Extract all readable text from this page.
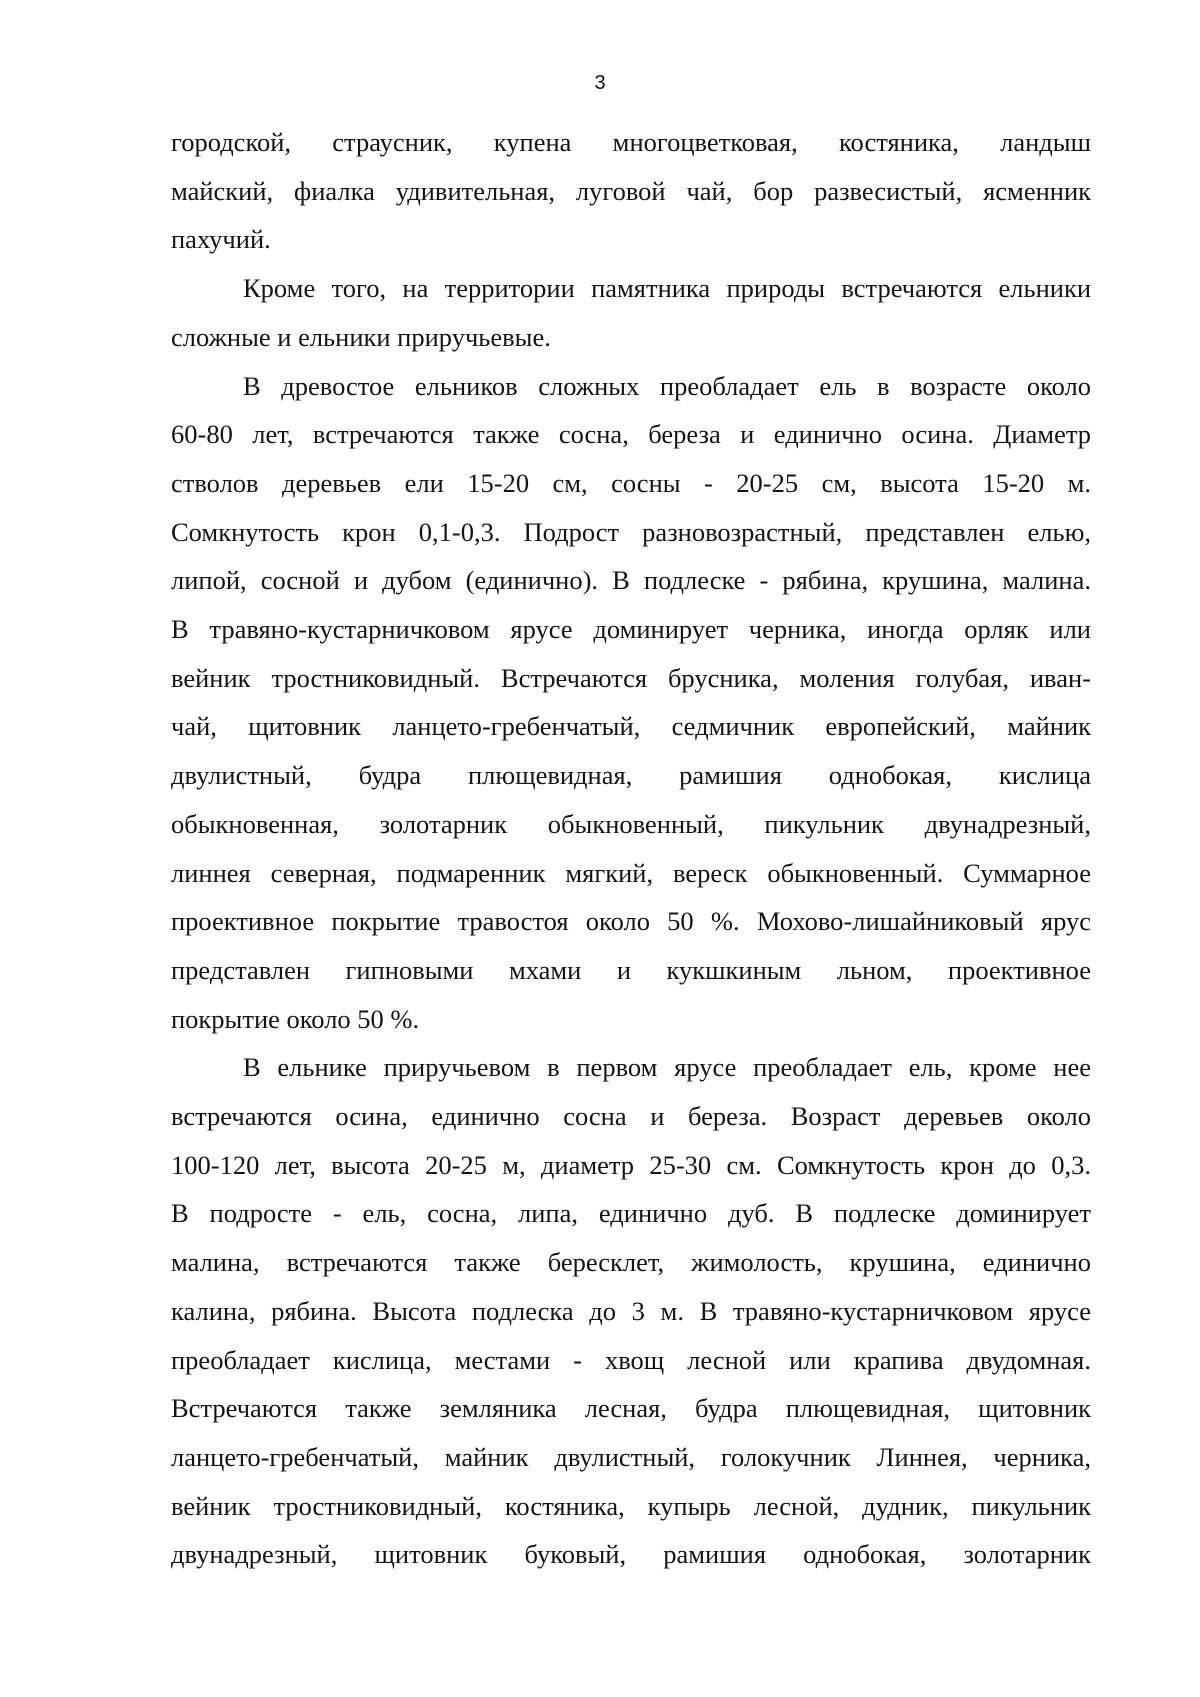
3

городской, страусник, купена многоцветковая, костяника, ландыш
майский, фиалка удивительная, луговой чай, бор развесистый, ясменник
пахучий.
Кроме того, на территории памятника природы встречаются ельники
сложные и ельники приручьевые.
В древостое ельников сложных преобладает ель в возрасте около
60-80 лет, встречаются также сосна, береза и единично осина. Диаметр
стволов деревьев ели 15-20 см, сосны - 20-25 см, высота 15-20 м.
Сомкнутость крон 0,1-0,3. Подрост разновозрастный, представлен елью,
липой, сосной и дубом (единично). В подлеске - рябина, крушина, малина.
В травяно-кустарничковом ярусе доминирует черника, иногда орляк или
вейник тростниковидный. Встречаются брусника, моления голубая, иван-
чай, щитовник ланцето-гребенчатый, седмичник европейский, майник
двулистный, будра плющевидная, рамишия однобокая, кислица
обыкновенная, золотарник обыкновенный, пикульник двунадрезный,
линнея северная, подмаренник мягкий, вереск обыкновенный. Суммарное
проективное покрытие травостоя около 50 %. Мохово-лишайниковый ярус
представлен гипновыми мхами и кукшкиным льном, проективное
покрытие около 50 %.
В ельнике приручьевом в первом ярусе преобладает ель, кроме нее
встречаются осина, единично сосна и береза. Возраст деревьев около
100-120 лет, высота 20-25 м, диаметр 25-30 см. Сомкнутость крон до 0,3.
В подросте - ель, сосна, липа, единично дуб. В подлеске доминирует
малина, встречаются также бересклет, жимолость, крушина, единично
калина, рябина. Высота подлеска до 3 м. В травяно-кустарничковом ярусе
преобладает кислица, местами - хвощ лесной или крапива двудомная.
Встречаются также земляника лесная, будра плющевидная, щитовник
ланцето-гребенчатый, майник двулистный, голокучник Линнея, черника,
вейник тростниковидный, костяника, купырь лесной, дудник, пикульник
двунадрезный, щитовник буковый, рамишия однобокая, золотарник
